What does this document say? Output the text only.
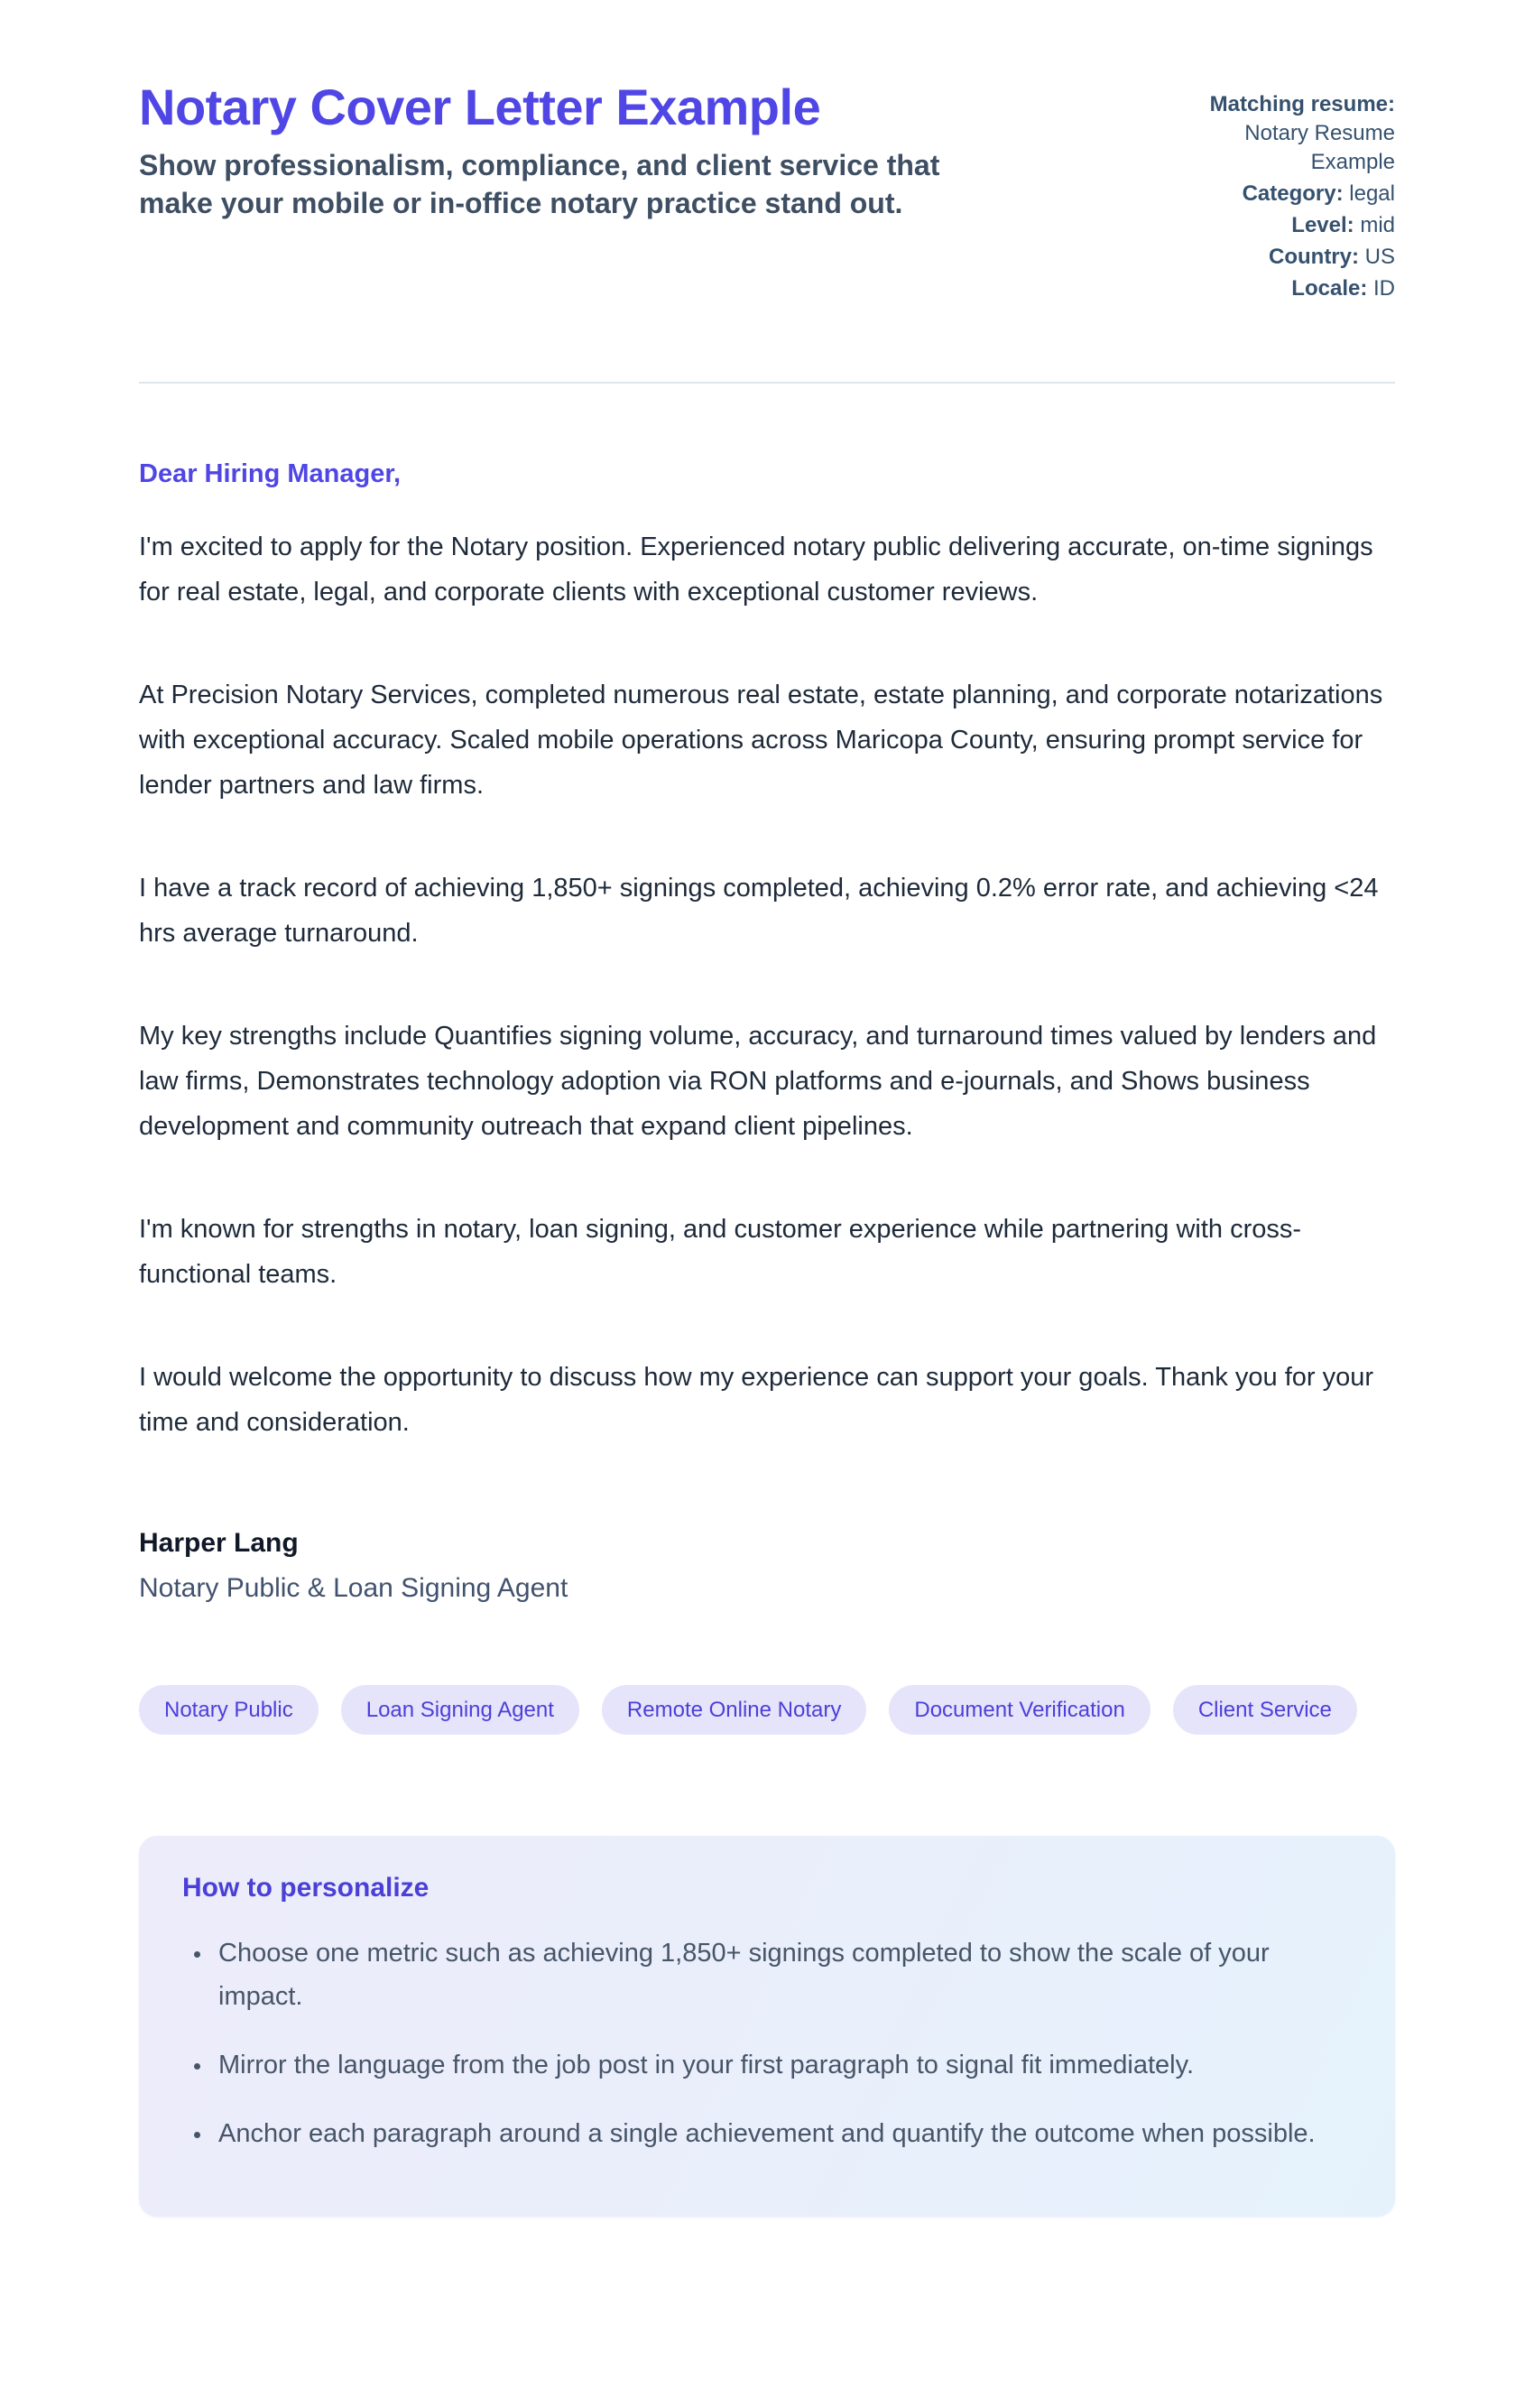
Notary Cover Letter Example

Show professionalism, compliance, and client service that make your mobile or in-office notary practice stand out.

Matching resume: Notary Resume Example
Category: legal
Level: mid
Country: US
Locale: ID

Dear Hiring Manager,

I'm excited to apply for the Notary position. Experienced notary public delivering accurate, on-time signings for real estate, legal, and corporate clients with exceptional customer reviews.

At Precision Notary Services, completed numerous real estate, estate planning, and corporate notarizations with exceptional accuracy. Scaled mobile operations across Maricopa County, ensuring prompt service for lender partners and law firms.

I have a track record of achieving 1,850+ signings completed, achieving 0.2% error rate, and achieving <24 hrs average turnaround.

My key strengths include Quantifies signing volume, accuracy, and turnaround times valued by lenders and law firms, Demonstrates technology adoption via RON platforms and e-journals, and Shows business development and community outreach that expand client pipelines.

I'm known for strengths in notary, loan signing, and customer experience while partnering with cross-functional teams.

I would welcome the opportunity to discuss how my experience can support your goals. Thank you for your time and consideration.

Harper Lang

Notary Public & Loan Signing Agent

Notary Public	Loan Signing Agent	Remote Online Notary	Document Verification	Client Service
How to personalize
• Choose one metric such as achieving 1,850+ signings completed to show the scale of your impact.
• Mirror the language from the job post in your first paragraph to signal fit immediately.
• Anchor each paragraph around a single achievement and quantify the outcome when possible.
